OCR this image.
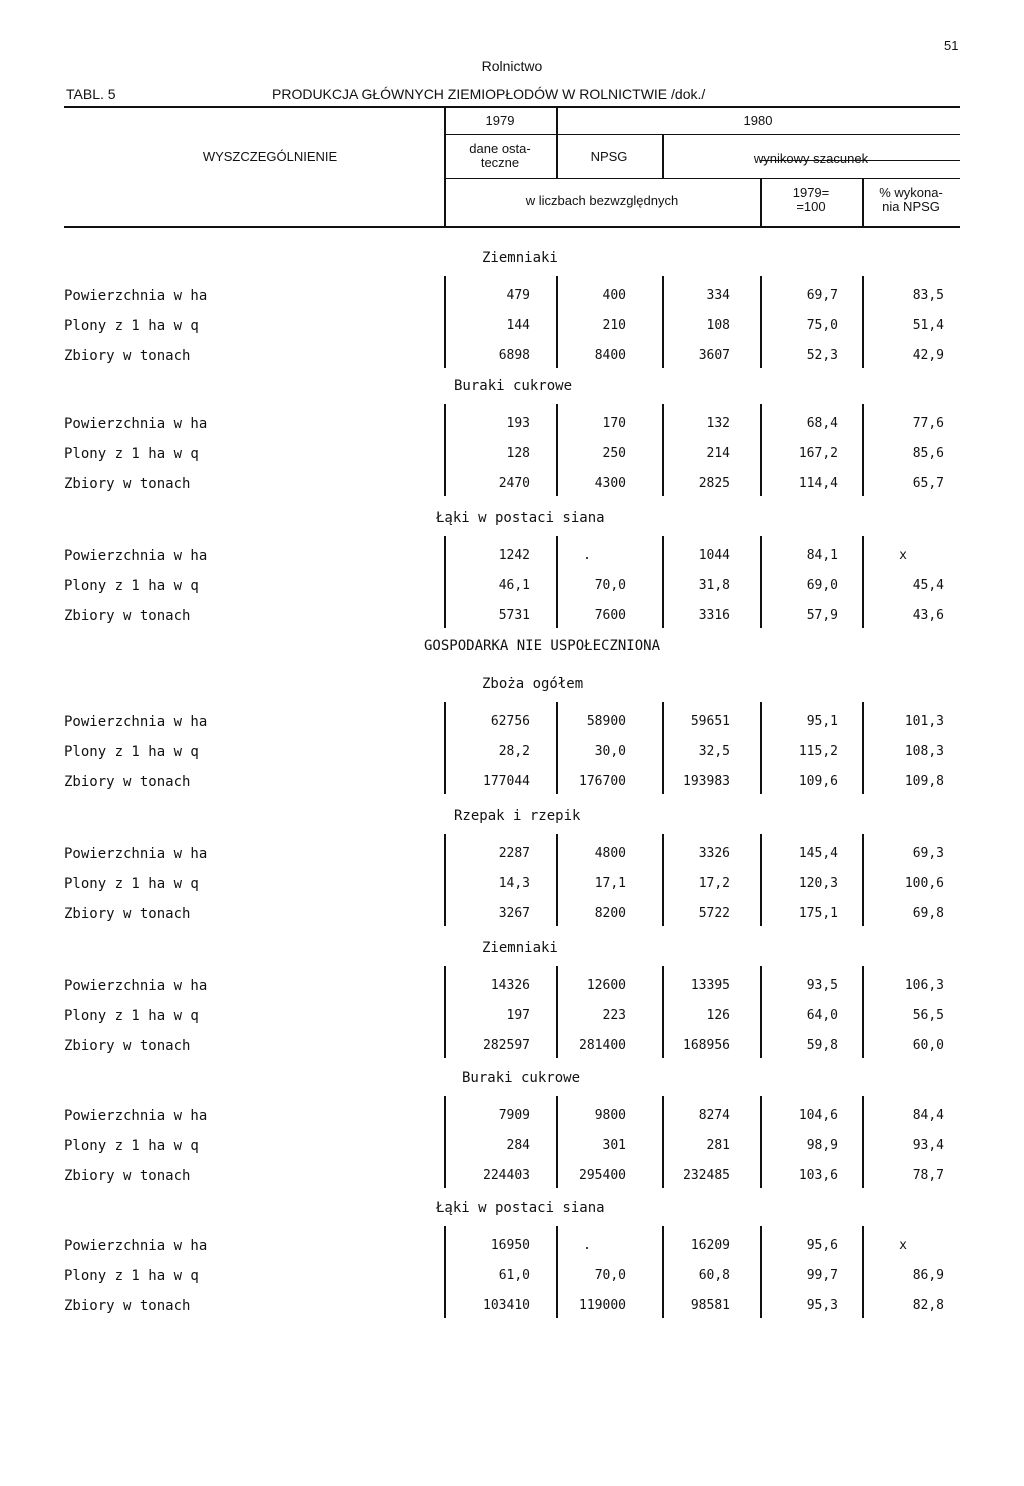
Rolnictwo
51
TABL. 5	PRODUKCJA GŁÓWNYCH ZIEMIOPŁODÓW W ROLNICTWIE /dok./
WYSZCZEGÓLNIENIE
1979	1980
dane osta-
teczne	NPSG	wynikowy szacunek
w liczbach bezwzględnych
1979=
=100
% wykona-
nia NPSG
Ziemniaki
Powierzchnia w ha	479	400	334	69,7	83,5
Plony z 1 ha w q	144	210	108	75,0	51,4
Zbiory w tonach	6898	8400	3607	52,3	42,9
Buraki cukrowe
Powierzchnia w ha	193	170	132	68,4	77,6
Plony z 1 ha w q	128	250	214	167,2	85,6
Zbiory w tonach	2470	4300	2825	114,4	65,7
Łąki w postaci siana
Powierzchnia w ha	1242	.	1044	84,1	x
Plony z 1 ha w q	46,1	70,0	31,8	69,0	45,4
Zbiory w tonach	5731	7600	3316	57,9	43,6
GOSPODARKA NIE USPOŁECZNIONA
Zboża ogółem
Powierzchnia w ha	62756	58900	59651	95,1	101,3
Plony z 1 ha w q	28,2	30,0	32,5	115,2	108,3
Zbiory w tonach	177044	176700	193983	109,6	109,8
Rzepak i rzepik
Powierzchnia w ha	2287	4800	3326	145,4	69,3
Plony z 1 ha w q	14,3	17,1	17,2	120,3	100,6
Zbiory w tonach	3267	8200	5722	175,1	69,8
Ziemniaki
Powierzchnia w ha	14326	12600	13395	93,5	106,3
Plony z 1 ha w q	197	223	126	64,0	56,5
Zbiory w tonach	282597	281400	168956	59,8	60,0
Buraki cukrowe
Powierzchnia w ha	7909	9800	8274	104,6	84,4
Plony z 1 ha w q	284	301	281	98,9	93,4
Zbiory w tonach	224403	295400	232485	103,6	78,7
Łąki w postaci siana
Powierzchnia w ha	16950	.	16209	95,6	x
Plony z 1 ha w q	61,0	70,0	60,8	99,7	86,9
Zbiory w tonach	103410	119000	98581	95,3	82,8
